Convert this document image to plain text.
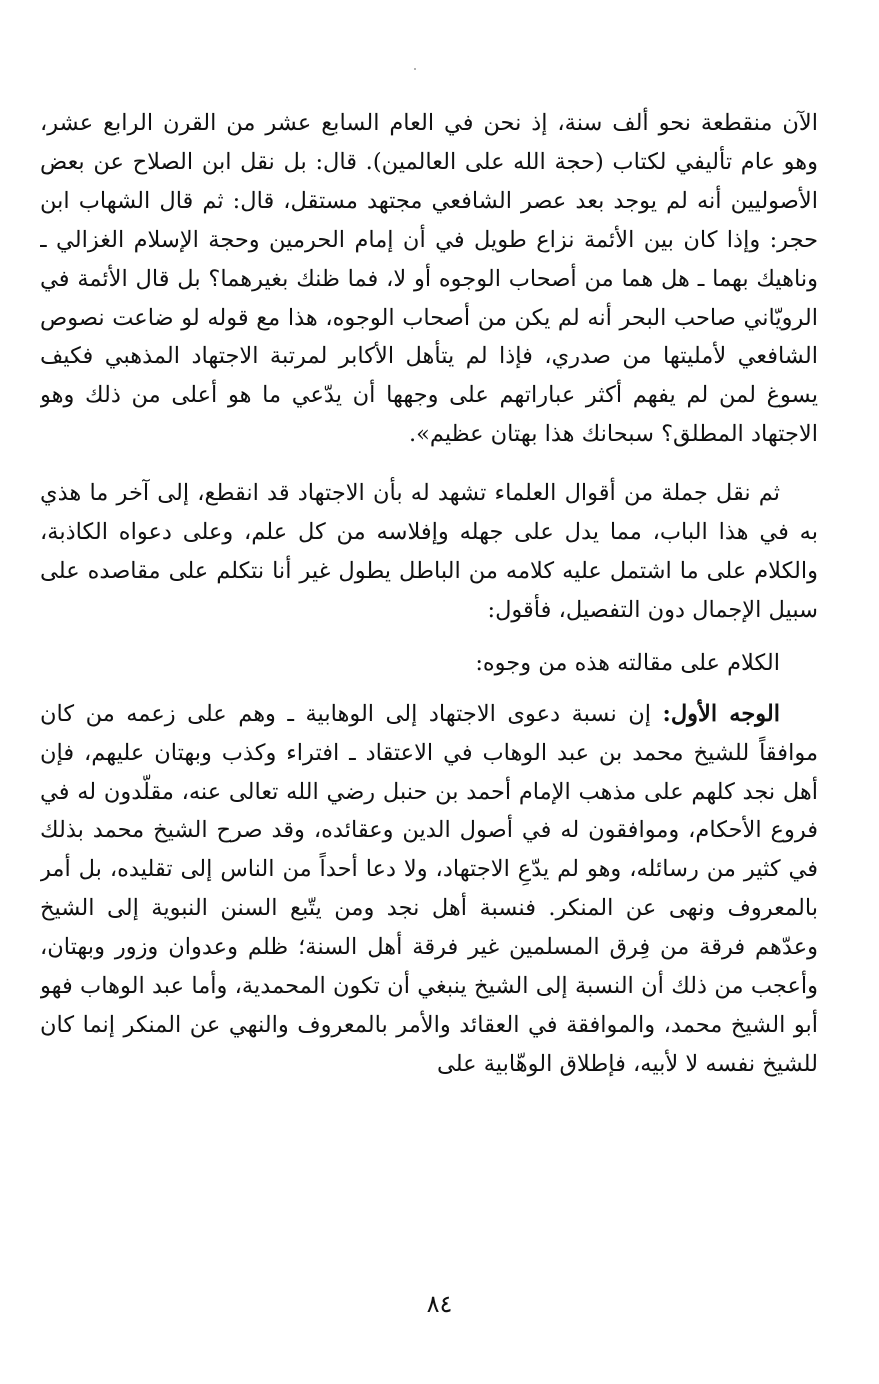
الآن منقطعة نحو ألف سنة، إذ نحن في العام السابع عشر من القرن الرابع عشر، وهو عام تأليفي لكتاب (حجة الله على العالمين). قال: بل نقل ابن الصلاح عن بعض الأصوليين أنه لم يوجد بعد عصر الشافعي مجتهد مستقل، قال: ثم قال الشهاب ابن حجر: وإذا كان بين الأئمة نزاع طويل في أن إمام الحرمين وحجة الإسلام الغزالي ـ وناهيك بهما ـ هل هما من أصحاب الوجوه أو لا، فما ظنك بغيرهما؟ بل قال الأئمة في الرويّاني صاحب البحر أنه لم يكن من أصحاب الوجوه، هذا مع قوله لو ضاعت نصوص الشافعي لأمليتها من صدري، فإذا لم يتأهل الأكابر لمرتبة الاجتهاد المذهبي فكيف يسوغ لمن لم يفهم أكثر عباراتهم على وجهها أن يدّعي ما هو أعلى من ذلك وهو الاجتهاد المطلق؟ سبحانك هذا بهتان عظيم».

ثم نقل جملة من أقوال العلماء تشهد له بأن الاجتهاد قد انقطع، إلى آخر ما هذي به في هذا الباب، مما يدل على جهله وإفلاسه من كل علم، وعلى دعواه الكاذبة، والكلام على ما اشتمل عليه كلامه من الباطل يطول غير أنا نتكلم على مقاصده على سبيل الإجمال دون التفصيل، فأقول:

الكلام على مقالته هذه من وجوه:

الوجه الأول: إن نسبة دعوى الاجتهاد إلى الوهابية ـ وهم على زعمه من كان موافقاً للشيخ محمد بن عبد الوهاب في الاعتقاد ـ افتراء وكذب وبهتان عليهم، فإن أهل نجد كلهم على مذهب الإمام أحمد بن حنبل رضي الله تعالى عنه، مقلّدون له في فروع الأحكام، وموافقون له في أصول الدين وعقائده، وقد صرح الشيخ محمد بذلك في كثير من رسائله، وهو لم يدّعِ الاجتهاد، ولا دعا أحداً من الناس إلى تقليده، بل أمر بالمعروف ونهى عن المنكر. فنسبة أهل نجد ومن يتّبع السنن النبوية إلى الشيخ وعدّهم فرقة من فِرق المسلمين غير فرقة أهل السنة؛ ظلم وعدوان وزور وبهتان، وأعجب من ذلك أن النسبة إلى الشيخ ينبغي أن تكون المحمدية، وأما عبد الوهاب فهو أبو الشيخ محمد، والموافقة في العقائد والأمر بالمعروف والنهي عن المنكر إنما كان للشيخ نفسه لا لأبيه، فإطلاق الوهّابية على

٨٤
